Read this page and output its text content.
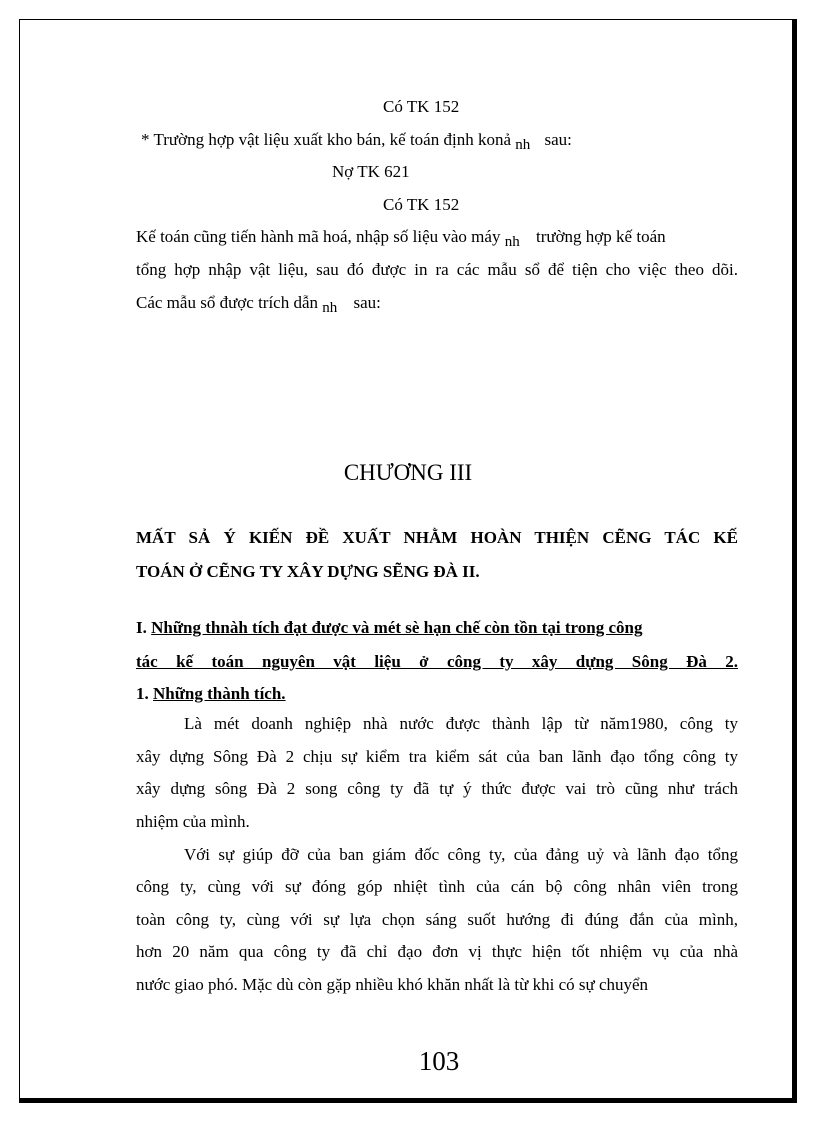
Có TK 152
* Trường hợp vật liệu xuất kho bán, kế toán định konả nh sau:
Nợ TK 621
Có TK 152
Kế toán cũng tiến hành mã hoá, nhập số liệu vào máy nh trường hợp kế toán
tổng hợp nhập vật liệu, sau đó được in ra các mẫu sổ để tiện cho việc theo dõi.
Các mẫu sổ được trích dẫn nh sau:
CHƯƠNG III
MẤT SẢ Ý KIẾN ĐỀ XUẤT NHẰM HOÀN THIỆN CẼNG TÁC KẾ
TOÁN Ở CẼNG TY XÂY DỰNG SẼNG ĐÀ II.
I. Những thnàh tích đạt được và mét sè hạn chế còn tồn tại trong công
tác kế toán nguyên vật liệu ở công ty xây dựng Sông Đà 2.
1. Những thành tích.
Là mét doanh nghiệp nhà nước được thành lập từ năm1980, công ty
xây dựng Sông Đà 2 chịu sự kiểm tra kiểm sát của ban lãnh đạo tổng công ty
xây dựng sông Đà 2 song công ty đã tự ý thức được vai trò cũng như trách
nhiệm của mình.
Với sự giúp đỡ của ban giám đốc công ty, của đảng uỷ và lãnh đạo tổng
công ty, cùng với sự đóng góp nhiệt tình của cán bộ công nhân viên trong
toàn công ty, cùng với sự lựa chọn sáng suốt hướng đi đúng đắn của mình,
hơn 20 năm qua công ty đã chỉ đạo đơn vị thực hiện tốt nhiệm vụ của nhà
nước giao phó. Mặc dù còn gặp nhiều khó khăn nhất là từ khi có sự chuyển
103
